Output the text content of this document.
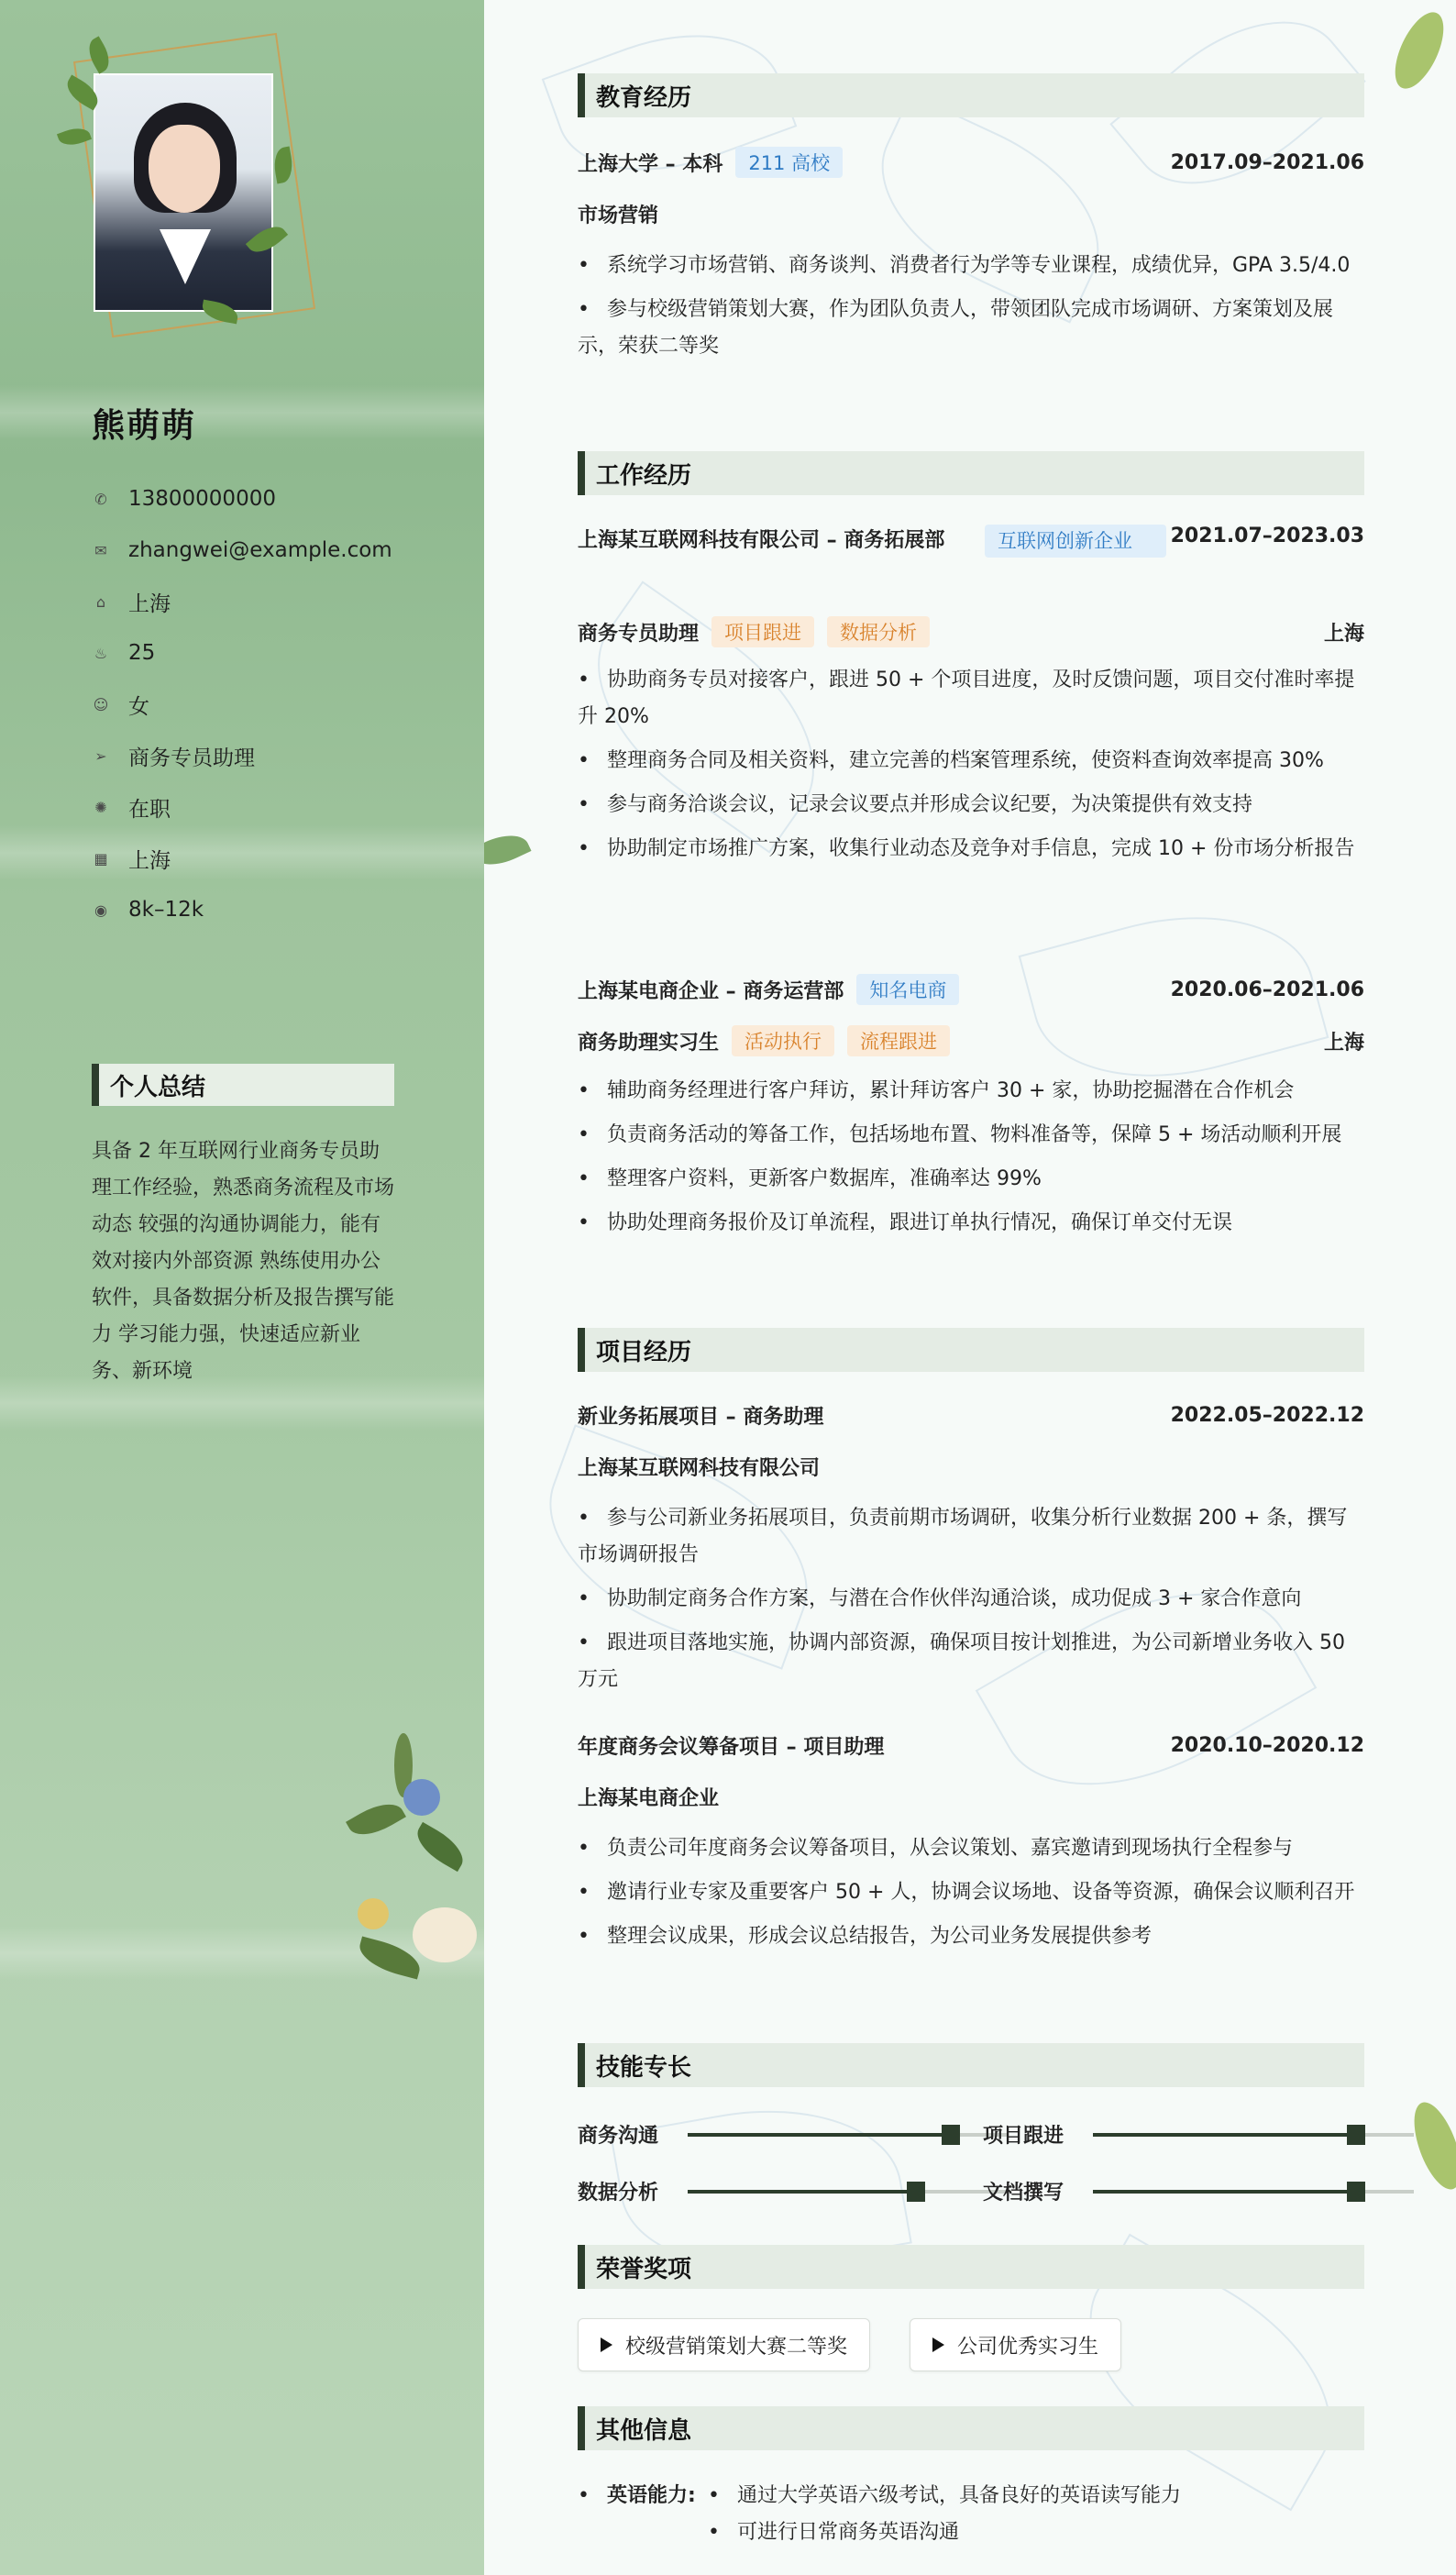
熊萌萌
✆ 13800000000
✉ zhangwei@example.com
⌂ 上海
♨ 25
☺ 女
➢ 商务专员助理
✺ 在职
▦ 上海
◉ 8k–12k
个人总结
具备 2 年互联网行业商务专员助理工作经验，熟悉商务流程及市场动态 较强的沟通协调能力，能有效对接内外部资源 熟练使用办公软件，具备数据分析及报告撰写能力 学习能力强，快速适应新业务、新环境
教育经历
上海大学 – 本科	211 高校	2017.09–2021.06
市场营销
• 系统学习市场营销、商务谈判、消费者行为学等专业课程，成绩优异，GPA 3.5/4.0
• 参与校级营销策划大赛，作为团队负责人，带领团队完成市场调研、方案策划及展示，荣获二等奖
工作经历
上海某互联网科技有限公司 – 商务拓展部	互联网创新企业	2021.07–2023.03
商务专员助理	项目跟进	数据分析	上海
• 协助商务专员对接客户，跟进 50 + 个项目进度，及时反馈问题，项目交付准时率提升 20%
• 整理商务合同及相关资料，建立完善的档案管理系统，使资料查询效率提高 30%
• 参与商务洽谈会议，记录会议要点并形成会议纪要，为决策提供有效支持
• 协助制定市场推广方案，收集行业动态及竞争对手信息，完成 10 + 份市场分析报告
上海某电商企业 – 商务运营部	知名电商	2020.06–2021.06
商务助理实习生	活动执行	流程跟进	上海
• 辅助商务经理进行客户拜访，累计拜访客户 30 + 家，协助挖掘潜在合作机会
• 负责商务活动的筹备工作，包括场地布置、物料准备等，保障 5 + 场活动顺利开展
• 整理客户资料，更新客户数据库，准确率达 99%
• 协助处理商务报价及订单流程，跟进订单执行情况，确保订单交付无误
项目经历
新业务拓展项目 – 商务助理	2022.05–2022.12
上海某互联网科技有限公司
• 参与公司新业务拓展项目，负责前期市场调研，收集分析行业数据 200 + 条，撰写市场调研报告
• 协助制定商务合作方案，与潜在合作伙伴沟通洽谈，成功促成 3 + 家合作意向
• 跟进项目落地实施，协调内部资源，确保项目按计划推进，为公司新增业务收入 50 万元
年度商务会议筹备项目 – 项目助理	2020.10–2020.12
上海某电商企业
• 负责公司年度商务会议筹备项目，从会议策划、嘉宾邀请到现场执行全程参与
• 邀请行业专家及重要客户 50 + 人，协调会议场地、设备等资源，确保会议顺利召开
• 整理会议成果，形成会议总结报告，为公司业务发展提供参考
技能专长
商务沟通	项目跟进
数据分析	文档撰写
荣誉奖项
校级营销策划大赛二等奖	公司优秀实习生
其他信息
• 英语能力: • 通过大学英语六级考试，具备良好的英语读写能力
• 可进行日常商务英语沟通
